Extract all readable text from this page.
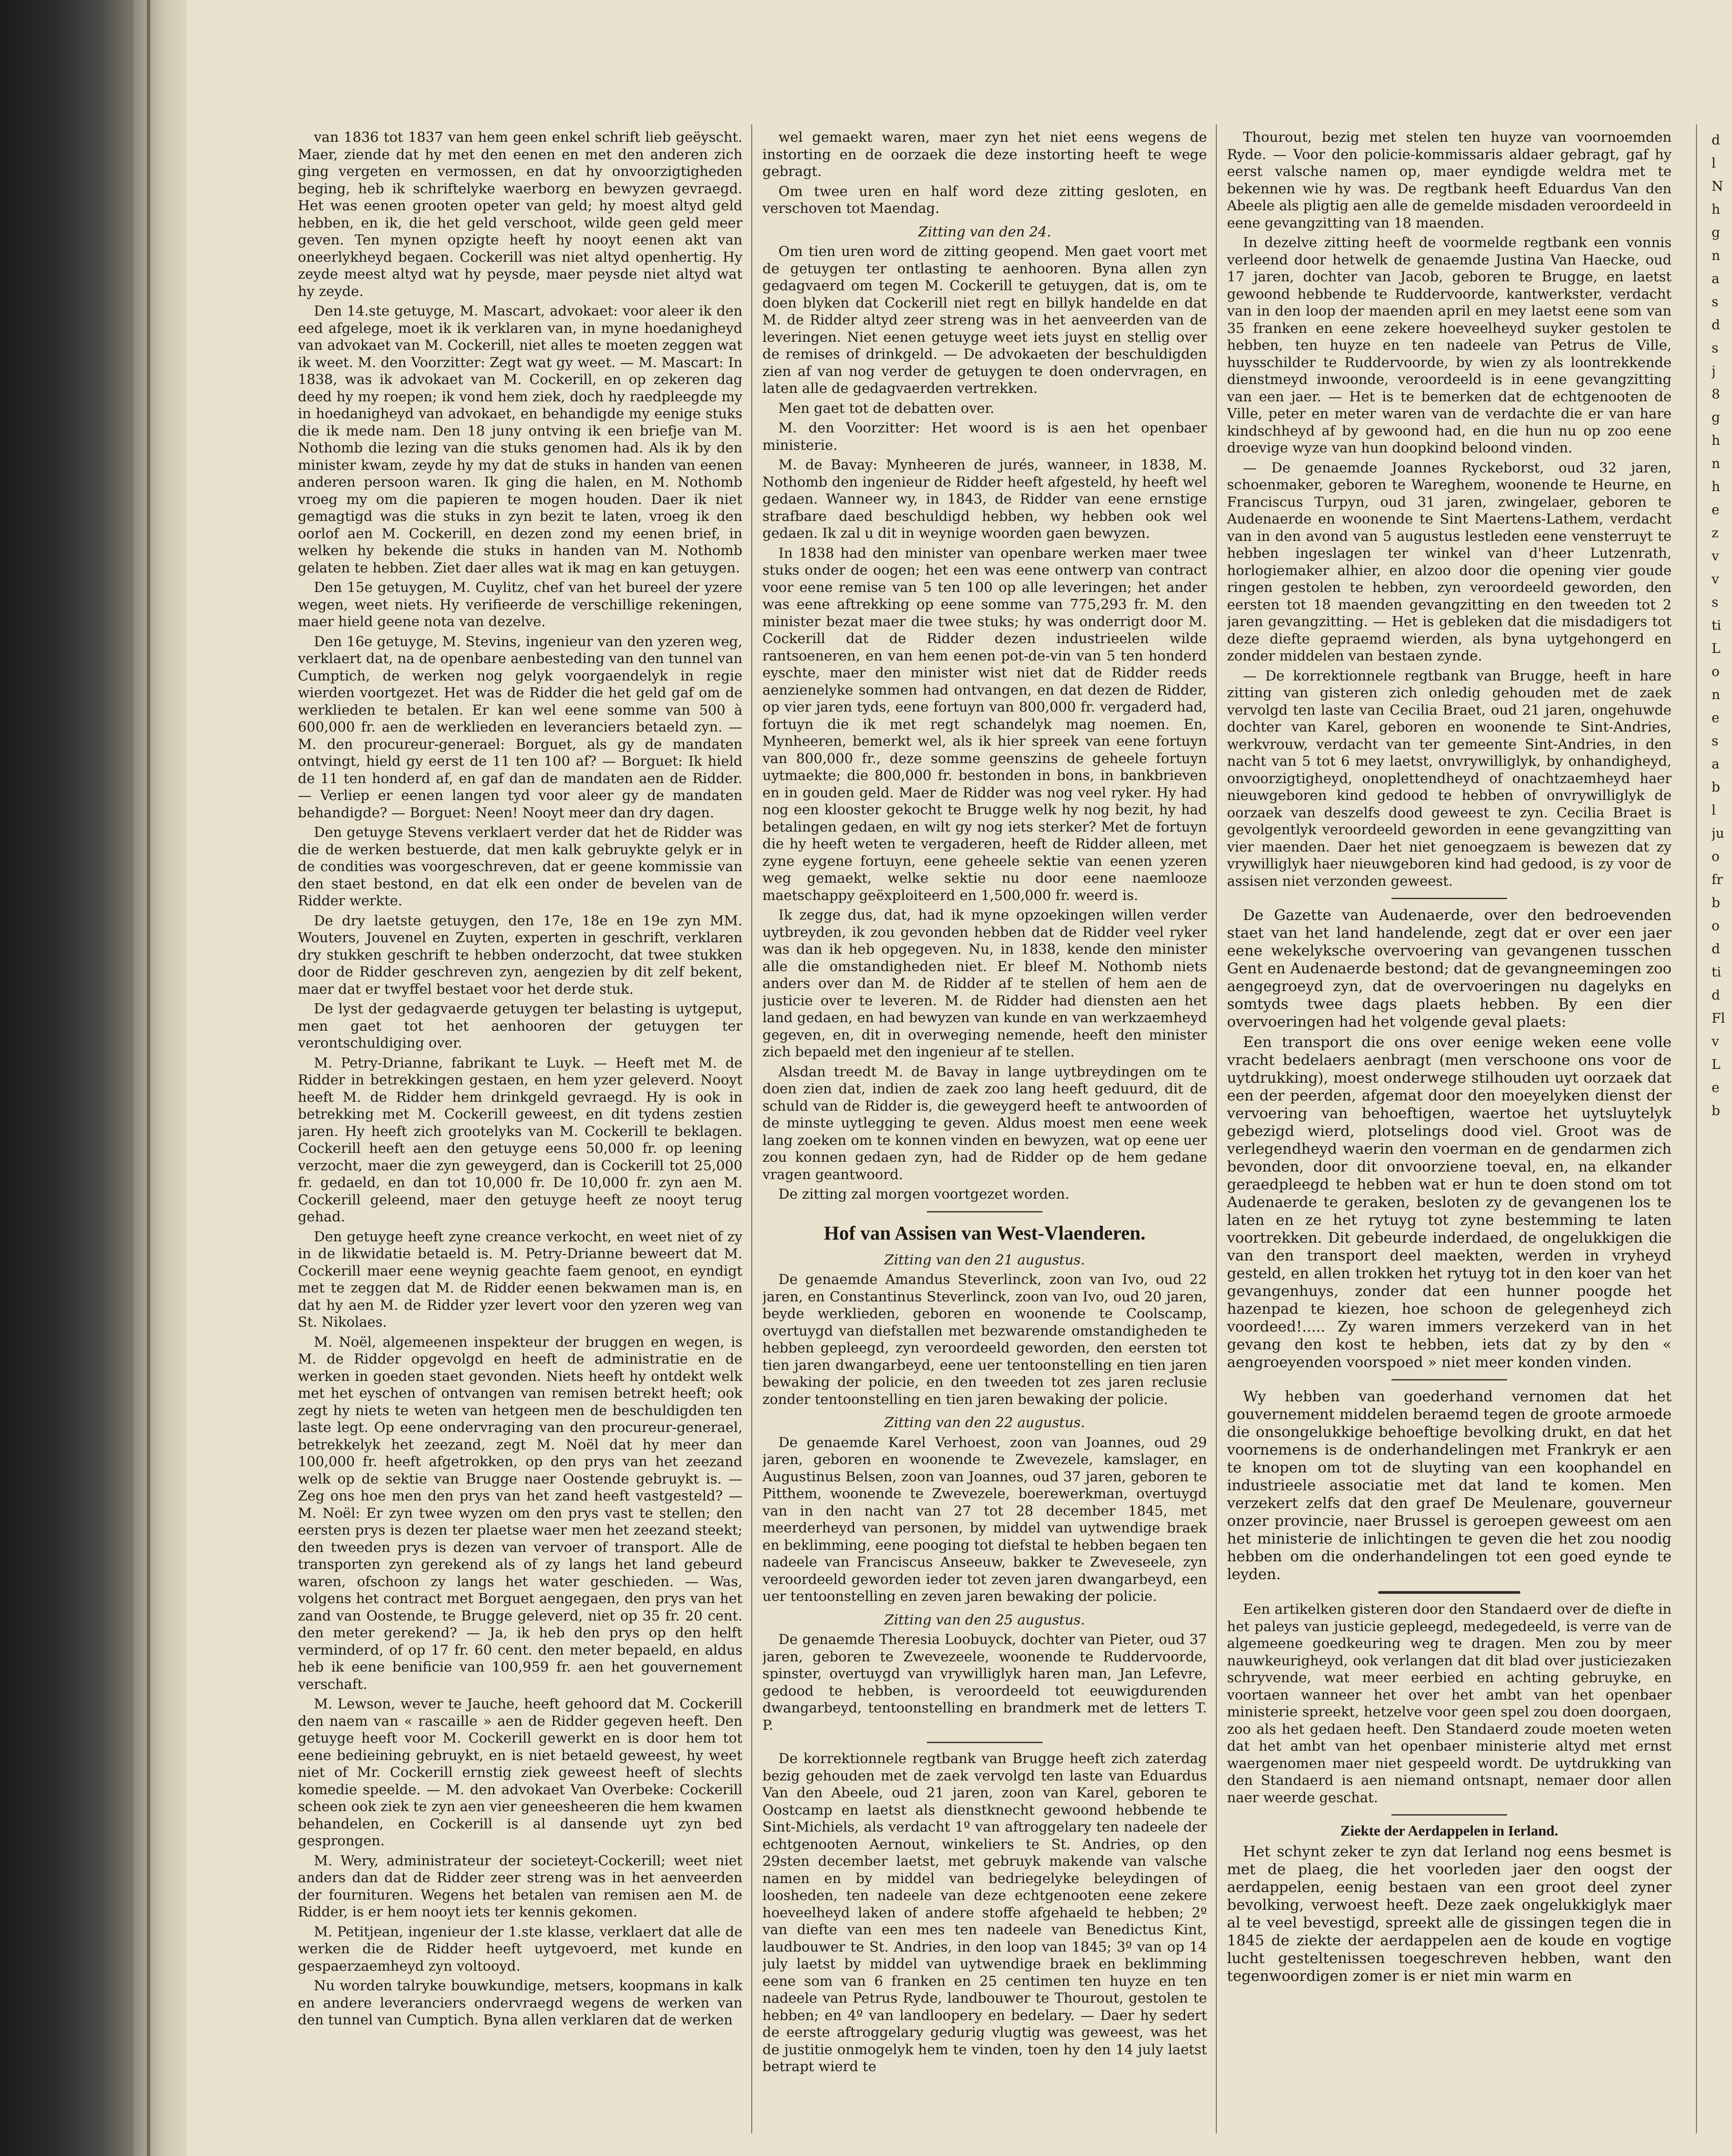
van 1836 tot 1837 van hem geen enkel schrift lieb geëyscht. Maer, ziende dat hy met den eenen en met den anderen zich ging vergeten en vermossen, en dat hy onvoorzigtigheden beging, heb ik schriftelyke waerborg en bewyzen gevraegd. Het was eenen grooten opeter van geld; hy moest altyd geld hebben, en ik, die het geld verschoot, wilde geen geld meer geven. Ten mynen opzigte heeft hy nooyt eenen akt van oneerlykheyd begaen. Cockerill was niet altyd openhertig. Hy zeyde meest altyd wat hy peysde, maer peysde niet altyd wat hy zeyde.

Den 14.ste getuyge, M. Mascart, advokaet: voor aleer ik den eed afgelege, moet ik ik verklaren van, in myne hoedanigheyd van advokaet van M. Cockerill, niet alles te moeten zeggen wat ik weet. M. den Voorzitter: Zegt wat gy weet. — M. Mascart: In 1838, was ik advokaet van M. Cockerill, en op zekeren dag deed hy my roepen; ik vond hem ziek, doch hy raedpleegde my in hoedanigheyd van advokaet, en behandigde my eenige stuks die ik mede nam. Den 18 juny ontving ik een briefje van M. Nothomb die lezing van die stuks genomen had. Als ik by den minister kwam, zeyde hy my dat de stuks in handen van eenen anderen persoon waren. Ik ging die halen, en M. Nothomb vroeg my om die papieren te mogen houden. Daer ik niet gemagtigd was die stuks in zyn bezit te laten, vroeg ik den oorlof aen M. Cockerill, en dezen zond my eenen brief, in welken hy bekende die stuks in handen van M. Nothomb gelaten te hebben. Ziet daer alles wat ik mag en kan getuygen.

Den 15e getuygen, M. Cuylitz, chef van het bureel der yzere wegen, weet niets. Hy verifieerde de verschillige rekeningen, maer hield geene nota van dezelve.

Den 16e getuyge, M. Stevins, ingenieur van den yzeren weg, verklaert dat, na de openbare aenbesteding van den tunnel van Cumptich, de werken nog gelyk voorgaendelyk in regie wierden voortgezet. Het was de Ridder die het geld gaf om de werklieden te betalen. Er kan wel eene somme van 500 à 600,000 fr. aen de werklieden en leveranciers betaeld zyn. — M. den procureur-generael: Borguet, als gy de mandaten ontvingt, hield gy eerst de 11 ten 100 af? — Borguet: Ik hield de 11 ten honderd af, en gaf dan de mandaten aen de Ridder. — Verliep er eenen langen tyd voor aleer gy de mandaten behandigde? — Borguet: Neen! Nooyt meer dan dry dagen.

Den getuyge Stevens verklaert verder dat het de Ridder was die de werken bestuerde, dat men kalk gebruykte gelyk er in de condities was voorgeschreven, dat er geene kommissie van den staet bestond, en dat elk een onder de bevelen van de Ridder werkte.

De dry laetste getuygen, den 17e, 18e en 19e zyn MM. Wouters, Jouvenel en Zuyten, experten in geschrift, verklaren dry stukken geschrift te hebben onderzocht, dat twee stukken door de Ridder geschreven zyn, aengezien by dit zelf bekent, maer dat er twyffel bestaet voor het derde stuk.

De lyst der gedagvaerde getuygen ter belasting is uytgeput, men gaet tot het aenhooren der getuygen ter verontschuldiging over.

M. Petry-Drianne, fabrikant te Luyk. — Heeft met M. de Ridder in betrekkingen gestaen, en hem yzer geleverd. Nooyt heeft M. de Ridder hem drinkgeld gevraegd. Hy is ook in betrekking met M. Cockerill geweest, en dit tydens zestien jaren. Hy heeft zich grootelyks van M. Cockerill te beklagen. Cockerill heeft aen den getuyge eens 50,000 fr. op leening verzocht, maer die zyn geweygerd, dan is Cockerill tot 25,000 fr. gedaeld, en dan tot 10,000 fr. De 10,000 fr. zyn aen M. Cockerill geleend, maer den getuyge heeft ze nooyt terug gehad.

Den getuyge heeft zyne creance verkocht, en weet niet of zy in de likwidatie betaeld is. M. Petry-Drianne beweert dat M. Cockerill maer eene weynig geachte faem genoot, en eyndigt met te zeggen dat M. de Ridder eenen bekwamen man is, en dat hy aen M. de Ridder yzer levert voor den yzeren weg van St. Nikolaes.

M. Noël, algemeenen inspekteur der bruggen en wegen, is M. de Ridder opgevolgd en heeft de administratie en de werken in goeden staet gevonden. Niets heeft hy ontdekt welk met het eyschen of ontvangen van remisen betrekt heeft; ook zegt hy niets te weten van hetgeen men de beschuldigden ten laste legt. Op eene ondervraging van den procureur-generael, betrekkelyk het zeezand, zegt M. Noël dat hy meer dan 100,000 fr. heeft afgetrokken, op den prys van het zeezand welk op de sektie van Brugge naer Oostende gebruykt is. — Zeg ons hoe men den prys van het zand heeft vastgesteld? — M. Noël: Er zyn twee wyzen om den prys vast te stellen; den eersten prys is dezen ter plaetse waer men het zeezand steekt; den tweeden prys is dezen van vervoer of transport. Alle de transporten zyn gerekend als of zy langs het land gebeurd waren, ofschoon zy langs het water geschieden. — Was, volgens het contract met Borguet aengegaen, den prys van het zand van Oostende, te Brugge geleverd, niet op 35 fr. 20 cent. den meter gerekend? — Ja, ik heb den prys op den helft verminderd, of op 17 fr. 60 cent. den meter bepaeld, en aldus heb ik eene benificie van 100,959 fr. aen het gouvernement verschaft.

M. Lewson, wever te Jauche, heeft gehoord dat M. Cockerill den naem van « rascaille » aen de Ridder gegeven heeft. Den getuyge heeft voor M. Cockerill gewerkt en is door hem tot eene bedieining gebruykt, en is niet betaeld geweest, hy weet niet of Mr. Cockerill ernstig ziek geweest heeft of slechts komedie speelde. — M. den advokaet Van Overbeke: Cockerill scheen ook ziek te zyn aen vier geneesheeren die hem kwamen behandelen, en Cockerill is al dansende uyt zyn bed gesprongen.

M. Wery, administrateur der societeyt-Cockerill; weet niet anders dan dat de Ridder zeer streng was in het aenveerden der fournituren. Wegens het betalen van remisen aen M. de Ridder, is er hem nooyt iets ter kennis gekomen.

M. Petitjean, ingenieur der 1.ste klasse, verklaert dat alle de werken die de Ridder heeft uytgevoerd, met kunde en gespaerzaemheyd zyn voltooyd.

Nu worden talryke bouwkundige, metsers, koopmans in kalk en andere leveranciers ondervraegd wegens de werken van den tunnel van Cumptich. Byna allen verklaren dat de werken

wel gemaekt waren, maer zyn het niet eens wegens de instorting en de oorzaek die deze instorting heeft te wege gebragt.

Om twee uren en half word deze zitting gesloten, en verschoven tot Maendag.

Zitting van den 24.

Om tien uren word de zitting geopend. Men gaet voort met de getuygen ter ontlasting te aenhooren. Byna allen zyn gedagvaerd om tegen M. Cockerill te getuygen, dat is, om te doen blyken dat Cockerill niet regt en billyk handelde en dat M. de Ridder altyd zeer streng was in het aenveerden van de leveringen. Niet eenen getuyge weet iets juyst en stellig over de remises of drinkgeld. — De advokaeten der beschuldigden zien af van nog verder de getuygen te doen ondervragen, en laten alle de gedagvaerden vertrekken.

Men gaet tot de debatten over.

M. den Voorzitter: Het woord is is aen het openbaer ministerie.

M. de Bavay: Mynheeren de jurés, wanneer, in 1838, M. Nothomb den ingenieur de Ridder heeft afgesteld, hy heeft wel gedaen. Wanneer wy, in 1843, de Ridder van eene ernstige strafbare daed beschuldigd hebben, wy hebben ook wel gedaen. Ik zal u dit in weynige woorden gaen bewyzen.

In 1838 had den minister van openbare werken maer twee stuks onder de oogen; het een was eene ontwerp van contract voor eene remise van 5 ten 100 op alle leveringen; het ander was eene aftrekking op eene somme van 775,293 fr. M. den minister bezat maer die twee stuks; hy was onderrigt door M. Cockerill dat de Ridder dezen industrieelen wilde rantsoeneren, en van hem eenen pot-de-vin van 5 ten honderd eyschte, maer den minister wist niet dat de Ridder reeds aenzienelyke sommen had ontvangen, en dat dezen de Ridder, op vier jaren tyds, eene fortuyn van 800,000 fr. vergaderd had, fortuyn die ik met regt schandelyk mag noemen. En, Mynheeren, bemerkt wel, als ik hier spreek van eene fortuyn van 800,000 fr., deze somme geenszins de geheele fortuyn uytmaekte; die 800,000 fr. bestonden in bons, in bankbrieven en in gouden geld. Maer de Ridder was nog veel ryker. Hy had nog een klooster gekocht te Brugge welk hy nog bezit, hy had betalingen gedaen, en wilt gy nog iets sterker? Met de fortuyn die hy heeft weten te vergaderen, heeft de Ridder alleen, met zyne eygene fortuyn, eene geheele sektie van eenen yzeren weg gemaekt, welke sektie nu door eene naemlooze maetschappy geëxploiteerd en 1,500,000 fr. weerd is.

Ik zegge dus, dat, had ik myne opzoekingen willen verder uytbreyden, ik zou gevonden hebben dat de Ridder veel ryker was dan ik heb opgegeven. Nu, in 1838, kende den minister alle die omstandigheden niet. Er bleef M. Nothomb niets anders over dan M. de Ridder af te stellen of hem aen de justicie over te leveren. M. de Ridder had diensten aen het land gedaen, en had bewyzen van kunde en van werkzaemheyd gegeven, en, dit in overweging nemende, heeft den minister zich bepaeld met den ingenieur af te stellen.

Alsdan treedt M. de Bavay in lange uytbreydingen om te doen zien dat, indien de zaek zoo lang heeft geduurd, dit de schuld van de Ridder is, die geweygerd heeft te antwoorden of de minste uytlegging te geven. Aldus moest men eene week lang zoeken om te konnen vinden en bewyzen, wat op eene uer zou konnen gedaen zyn, had de Ridder op de hem gedane vragen geantwoord.

De zitting zal morgen voortgezet worden.

Hof van Assisen van West-Vlaenderen.
Zitting van den 21 augustus.

De genaemde Amandus Steverlinck, zoon van Ivo, oud 22 jaren, en Constantinus Steverlinck, zoon van Ivo, oud 20 jaren, beyde werklieden, geboren en woonende te Coolscamp, overtuygd van diefstallen met bezwarende omstandigheden te hebben gepleegd, zyn veroordeeld geworden, den eersten tot tien jaren dwangarbeyd, eene uer tentoonstelling en tien jaren bewaking der policie, en den tweeden tot zes jaren reclusie zonder tentoonstelling en tien jaren bewaking der policie.

Zitting van den 22 augustus.

De genaemde Karel Verhoest, zoon van Joannes, oud 29 jaren, geboren en woonende te Zwevezele, kamslager, en Augustinus Belsen, zoon van Joannes, oud 37 jaren, geboren te Pitthem, woonende te Zwevezele, boerewerkman, overtuygd van in den nacht van 27 tot 28 december 1845, met meerderheyd van personen, by middel van uytwendige braek en beklimming, eene pooging tot diefstal te hebben begaen ten nadeele van Franciscus Anseeuw, bakker te Zweveseele, zyn veroordeeld geworden ieder tot zeven jaren dwangarbeyd, een uer tentoonstelling en zeven jaren bewaking der policie.

Zitting van den 25 augustus.

De genaemde Theresia Loobuyck, dochter van Pieter, oud 37 jaren, geboren te Zwevezeele, woonende te Ruddervoorde, spinster, overtuygd van vrywilliglyk haren man, Jan Lefevre, gedood te hebben, is veroordeeld tot eeuwigdurenden dwangarbeyd, tentoonstelling en brandmerk met de letters T. P.

De korrektionnele regtbank van Brugge heeft zich zaterdag bezig gehouden met de zaek vervolgd ten laste van Eduardus Van den Abeele, oud 21 jaren, zoon van Karel, geboren te Oostcamp en laetst als dienstknecht gewoond hebbende te Sint-Michiels, als verdacht 1º van aftroggelary ten nadeele der echtgenooten Aernout, winkeliers te St. Andries, op den 29sten december laetst, met gebruyk makende van valsche namen en by middel van bedriegelyke beleydingen of loosheden, ten nadeele van deze echtgenooten eene zekere hoeveelheyd laken of andere stoffe afgehaeld te hebben; 2º van diefte van een mes ten nadeele van Benedictus Kint, laudbouwer te St. Andries, in den loop van 1845; 3º van op 14 july laetst by middel van uytwendige braek en beklimming eene som van 6 franken en 25 centimen ten huyze en ten nadeele van Petrus Ryde, landbouwer te Thourout, gestolen te hebben; en 4º van landloopery en bedelary. — Daer hy sedert de eerste aftroggelary gedurig vlugtig was geweest, was het de justitie onmogelyk hem te vinden, toen hy den 14 july laetst betrapt wierd te

Thourout, bezig met stelen ten huyze van voornoemden Ryde. — Voor den policie-kommissaris aldaer gebragt, gaf hy eerst valsche namen op, maer eyndigde weldra met te bekennen wie hy was. De regtbank heeft Eduardus Van den Abeele als pligtig aen alle de gemelde misdaden veroordeeld in eene gevangzitting van 18 maenden.

In dezelve zitting heeft de voormelde regtbank een vonnis verleend door hetwelk de genaemde Justina Van Haecke, oud 17 jaren, dochter van Jacob, geboren te Brugge, en laetst gewoond hebbende te Ruddervoorde, kantwerkster, verdacht van in den loop der maenden april en mey laetst eene som van 35 franken en eene zekere hoeveelheyd suyker gestolen te hebben, ten huyze en ten nadeele van Petrus de Ville, huysschilder te Ruddervoorde, by wien zy als loontrekkende dienstmeyd inwoonde, veroordeeld is in eene gevangzitting van een jaer. — Het is te bemerken dat de echtgenooten de Ville, peter en meter waren van de verdachte die er van hare kindschheyd af by gewoond had, en die hun nu op zoo eene droevige wyze van hun doopkind beloond vinden.

— De genaemde Joannes Ryckeborst, oud 32 jaren, schoenmaker, geboren te Wareghem, woonende te Heurne, en Franciscus Turpyn, oud 31 jaren, zwingelaer, geboren te Audenaerde en woonende te Sint Maertens-Lathem, verdacht van in den avond van 5 augustus lestleden eene vensterruyt te hebben ingeslagen ter winkel van d'heer Lutzenrath, horlogiemaker alhier, en alzoo door die opening vier goude ringen gestolen te hebben, zyn veroordeeld geworden, den eersten tot 18 maenden gevangzitting en den tweeden tot 2 jaren gevangzitting. — Het is gebleken dat die misdadigers tot deze diefte gepraemd wierden, als byna uytgehongerd en zonder middelen van bestaen zynde.

— De korrektionnele regtbank van Brugge, heeft in hare zitting van gisteren zich onledig gehouden met de zaek vervolgd ten laste van Cecilia Braet, oud 21 jaren, ongehuwde dochter van Karel, geboren en woonende te Sint-Andries, werkvrouw, verdacht van ter gemeente Sint-Andries, in den nacht van 5 tot 6 mey laetst, onvrywilliglyk, by onhandigheyd, onvoorzigtigheyd, onoplettendheyd of onachtzaemheyd haer nieuwgeboren kind gedood te hebben of onvrywilliglyk de oorzaek van deszelfs dood geweest te zyn. Cecilia Braet is gevolgentlyk veroordeeld geworden in eene gevangzitting van vier maenden. Daer het niet genoegzaem is bewezen dat zy vrywilliglyk haer nieuwgeboren kind had gedood, is zy voor de assisen niet verzonden geweest.

De Gazette van Audenaerde, over den bedroevenden staet van het land handelende, zegt dat er over een jaer eene wekelyksche overvoering van gevangenen tusschen Gent en Audenaerde bestond; dat de gevangneemingen zoo aengegroeyd zyn, dat de overvoeringen nu dagelyks en somtyds twee dags plaets hebben. By een dier overvoeringen had het volgende geval plaets:

Een transport die ons over eenige weken eene volle vracht bedelaers aenbragt (men verschoone ons voor de uytdrukking), moest onderwege stilhouden uyt oorzaek dat een der peerden, afgemat door den moeyelyken dienst der vervoering van behoeftigen, waertoe het uytsluytelyk gebezigd wierd, plotselings dood viel. Groot was de verlegendheyd waerin den voerman en de gendarmen zich bevonden, door dit onvoorziene toeval, en, na elkander geraedpleegd te hebben wat er hun te doen stond om tot Audenaerde te geraken, besloten zy de gevangenen los te laten en ze het rytuyg tot zyne bestemming te laten voortrekken. Dit gebeurde inderdaed, de ongelukkigen die van den transport deel maekten, werden in vryheyd gesteld, en allen trokken het rytuyg tot in den koer van het gevangenhuys, zonder dat een hunner poogde het hazenpad te kiezen, hoe schoon de gelegenheyd zich voordeed!..... Zy waren immers verzekerd van in het gevang den kost te hebben, iets dat zy by den « aengroeyenden voorspoed » niet meer konden vinden.

Wy hebben van goederhand vernomen dat het gouvernement middelen beraemd tegen de groote armoede die onsongelukkige behoeftige bevolking drukt, en dat het voornemens is de onderhandelingen met Frankryk er aen te knopen om tot de sluyting van een koophandel en industrieele associatie met dat land te komen. Men verzekert zelfs dat den graef De Meulenare, gouverneur onzer provincie, naer Brussel is geroepen geweest om aen het ministerie de inlichtingen te geven die het zou noodig hebben om die onderhandelingen tot een goed eynde te leyden.

Een artikelken gisteren door den Standaerd over de diefte in het paleys van justicie gepleegd, medegedeeld, is verre van de algemeene goedkeuring weg te dragen. Men zou by meer nauwkeurigheyd, ook verlangen dat dit blad over justiciezaken schryvende, wat meer eerbied en achting gebruyke, en voortaen wanneer het over het ambt van het openbaer ministerie spreekt, hetzelve voor geen spel zou doen doorgaen, zoo als het gedaen heeft. Den Standaerd zoude moeten weten dat het ambt van het openbaer ministerie altyd met ernst waergenomen maer niet gespeeld wordt. De uytdrukking van den Standaerd is aen niemand ontsnapt, nemaer door allen naer weerde geschat.

Ziekte der Aerdappelen in Ierland.

Het schynt zeker te zyn dat Ierland nog eens besmet is met de plaeg, die het voorleden jaer den oogst der aerdappelen, eenig bestaen van een groot deel zyner bevolking, verwoest heeft. Deze zaek ongelukkiglyk maer al te veel bevestigd, spreekt alle de gissingen tegen die in 1845 de ziekte der aerdappelen aen de koude en vogtige lucht gesteltenissen toegeschreven hebben, want den tegenwoordigen zomer is er niet min warm en

d
l
N
h
g
n
a
s
d
s
j
8
g
h
n
h
e
z
v
v
s
ti
L
o
n
e
s
a
b
l
ju
o
fr
b
o
d
ti
d
Fl
v
L
e
b
